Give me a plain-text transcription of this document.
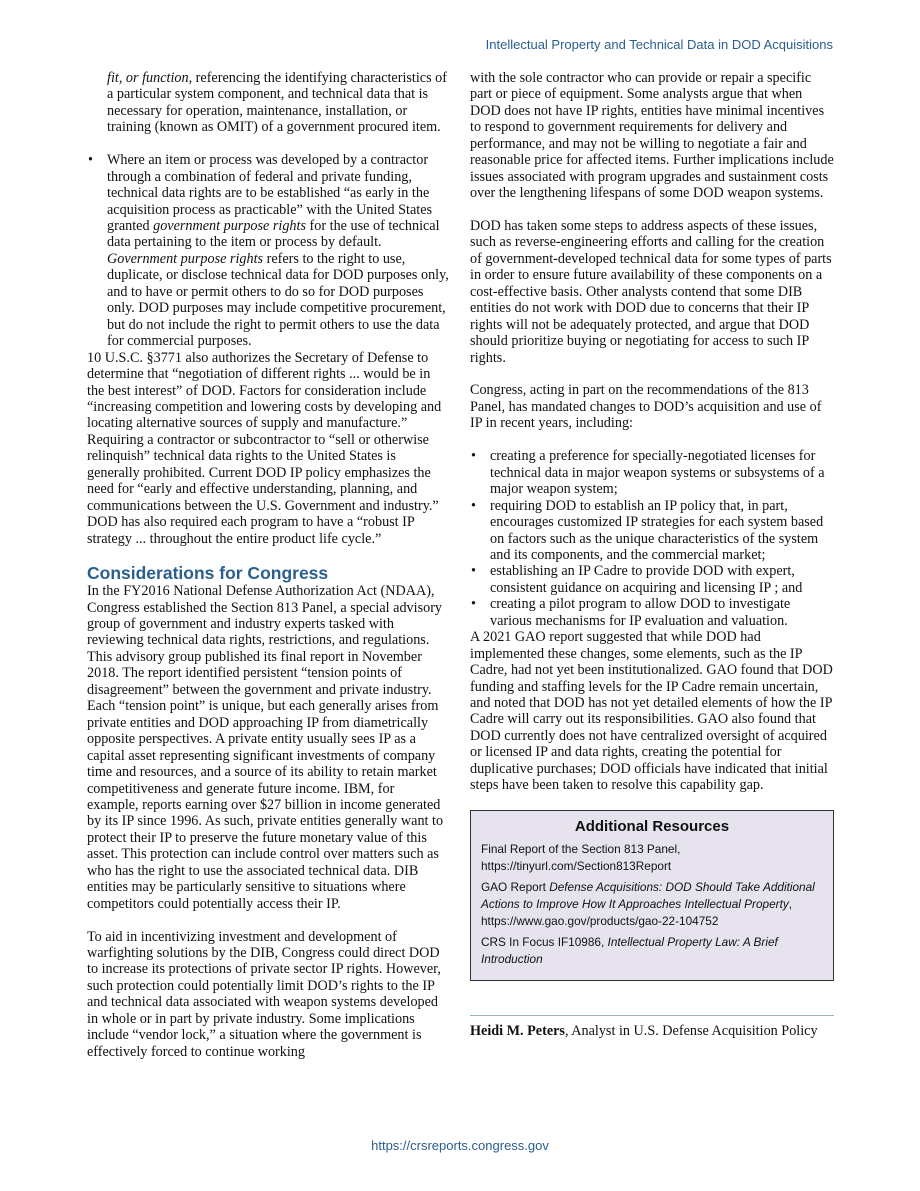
Intellectual Property and Technical Data in DOD Acquisitions

fit, or function, referencing the identifying characteristics of a particular system component, and technical data that is necessary for operation, maintenance, installation, or training (known as OMIT) of a government procured item.

• Where an item or process was developed by a contractor through a combination of federal and private funding, technical data rights are to be established “as early in the acquisition process as practicable” with the United States granted government purpose rights for the use of technical data pertaining to the item or process by default. Government purpose rights refers to the right to use, duplicate, or disclose technical data for DOD purposes only, and to have or permit others to do so for DOD purposes only. DOD purposes may include competitive procurement, but do not include the right to permit others to use the data for commercial purposes.

10 U.S.C. §3771 also authorizes the Secretary of Defense to determine that “negotiation of different rights ... would be in the best interest” of DOD. Factors for consideration include “increasing competition and lowering costs by developing and locating alternative sources of supply and manufacture.” Requiring a contractor or subcontractor to “sell or otherwise relinquish” technical data rights to the United States is generally prohibited. Current DOD IP policy emphasizes the need for “early and effective understanding, planning, and communications between the U.S. Government and industry.” DOD has also required each program to have a “robust IP strategy ... throughout the entire product life cycle.”

Considerations for Congress

In the FY2016 National Defense Authorization Act (NDAA), Congress established the Section 813 Panel, a special advisory group of government and industry experts tasked with reviewing technical data rights, restrictions, and regulations. This advisory group published its final report in November 2018. The report identified persistent “tension points of disagreement” between the government and private industry. Each “tension point” is unique, but each generally arises from private entities and DOD approaching IP from diametrically opposite perspectives. A private entity usually sees IP as a capital asset representing significant investments of company time and resources, and a source of its ability to retain market competitiveness and generate future income. IBM, for example, reports earning over $27 billion in income generated by its IP since 1996. As such, private entities generally want to protect their IP to preserve the future monetary value of this asset. This protection can include control over matters such as who has the right to use the associated technical data. DIB entities may be particularly sensitive to situations where competitors could potentially access their IP.

To aid in incentivizing investment and development of warfighting solutions by the DIB, Congress could direct DOD to increase its protections of private sector IP rights. However, such protection could potentially limit DOD’s rights to the IP and technical data associated with weapon systems developed in whole or in part by private industry. Some implications include “vendor lock,” a situation where the government is effectively forced to continue working

with the sole contractor who can provide or repair a specific part or piece of equipment. Some analysts argue that when DOD does not have IP rights, entities have minimal incentives to respond to government requirements for delivery and performance, and may not be willing to negotiate a fair and reasonable price for affected items. Further implications include issues associated with program upgrades and sustainment costs over the lengthening lifespans of some DOD weapon systems.

DOD has taken some steps to address aspects of these issues, such as reverse-engineering efforts and calling for the creation of government-developed technical data for some types of parts in order to ensure future availability of these components on a cost-effective basis. Other analysts contend that some DIB entities do not work with DOD due to concerns that their IP rights will not be adequately protected, and argue that DOD should prioritize buying or negotiating for access to such IP rights.

Congress, acting in part on the recommendations of the 813 Panel, has mandated changes to DOD’s acquisition and use of IP in recent years, including:

• creating a preference for specially-negotiated licenses for technical data in major weapon systems or subsystems of a major weapon system;
• requiring DOD to establish an IP policy that, in part, encourages customized IP strategies for each system based on factors such as the unique characteristics of the system and its components, and the commercial market;
• establishing an IP Cadre to provide DOD with expert, consistent guidance on acquiring and licensing IP ; and
• creating a pilot program to allow DOD to investigate various mechanisms for IP evaluation and valuation.

A 2021 GAO report suggested that while DOD had implemented these changes, some elements, such as the IP Cadre, had not yet been institutionalized. GAO found that DOD funding and staffing levels for the IP Cadre remain uncertain, and noted that DOD has not yet detailed elements of how the IP Cadre will carry out its responsibilities. GAO also found that DOD currently does not have centralized oversight of acquired or licensed IP and data rights, creating the potential for duplicative purchases; DOD officials have indicated that initial steps have been taken to resolve this capability gap.

Additional Resources
Final Report of the Section 813 Panel, https://tinyurl.com/Section813Report
GAO Report Defense Acquisitions: DOD Should Take Additional Actions to Improve How It Approaches Intellectual Property, https://www.gao.gov/products/gao-22-104752
CRS In Focus IF10986, Intellectual Property Law: A Brief Introduction

Heidi M. Peters, Analyst in U.S. Defense Acquisition Policy

https://crsreports.congress.gov
